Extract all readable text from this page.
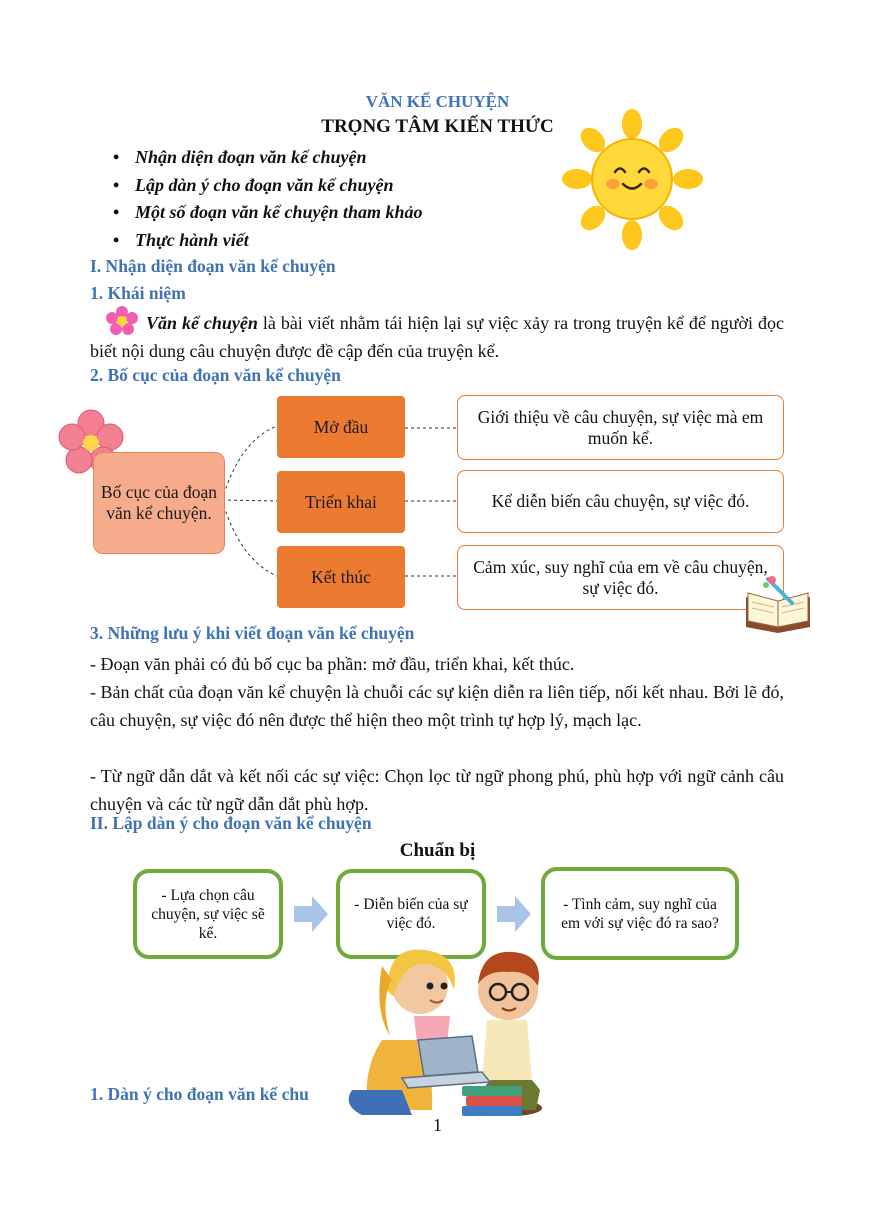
VĂN KỂ CHUYỆN
TRỌNG TÂM KIẾN THỨC
• Nhận diện đoạn văn kể chuyện
• Lập dàn ý cho đoạn văn kể chuyện
• Một số đoạn văn kể chuyện tham khảo
• Thực hành viết
I. Nhận diện đoạn văn kể chuyện
1. Khái niệm
Văn kể chuyện là bài viết nhằm tái hiện lại sự việc xảy ra trong truyện kể để người đọc biết nội dung câu chuyện được đề cập đến của truyện kể.
2. Bố cục của đoạn văn kể chuyện
Bố cục của đoạn văn kể chuyện.
Mở đầu
Triển khai
Kết thúc
Giới thiệu về câu chuyện, sự việc mà em muốn kể.
Kể diễn biến câu chuyện, sự việc đó.
Cảm xúc, suy nghĩ của em về câu chuyện, sự việc đó.
3. Những lưu ý khi viết đoạn văn kể chuyện
- Đoạn văn phải có đủ bố cục ba phần: mở đầu, triển khai, kết thúc.
- Bản chất của đoạn văn kể chuyện là chuỗi các sự kiện diễn ra liên tiếp, nối kết nhau. Bởi lẽ đó, câu chuyện, sự việc đó nên được thể hiện theo một trình tự hợp lý, mạch lạc.
- Từ ngữ dẫn dắt và kết nối các sự việc: Chọn lọc từ ngữ phong phú, phù hợp với ngữ cảnh câu chuyện và các từ ngữ dẫn dắt phù hợp.
II. Lập dàn ý cho đoạn văn kể chuyện
Chuẩn bị
- Lựa chọn câu chuyện, sự việc sẽ kể.
- Diễn biến của sự việc đó.
- Tình cảm, suy nghĩ của em với sự việc đó ra sao?
1. Dàn ý cho đoạn văn kể chu
1
